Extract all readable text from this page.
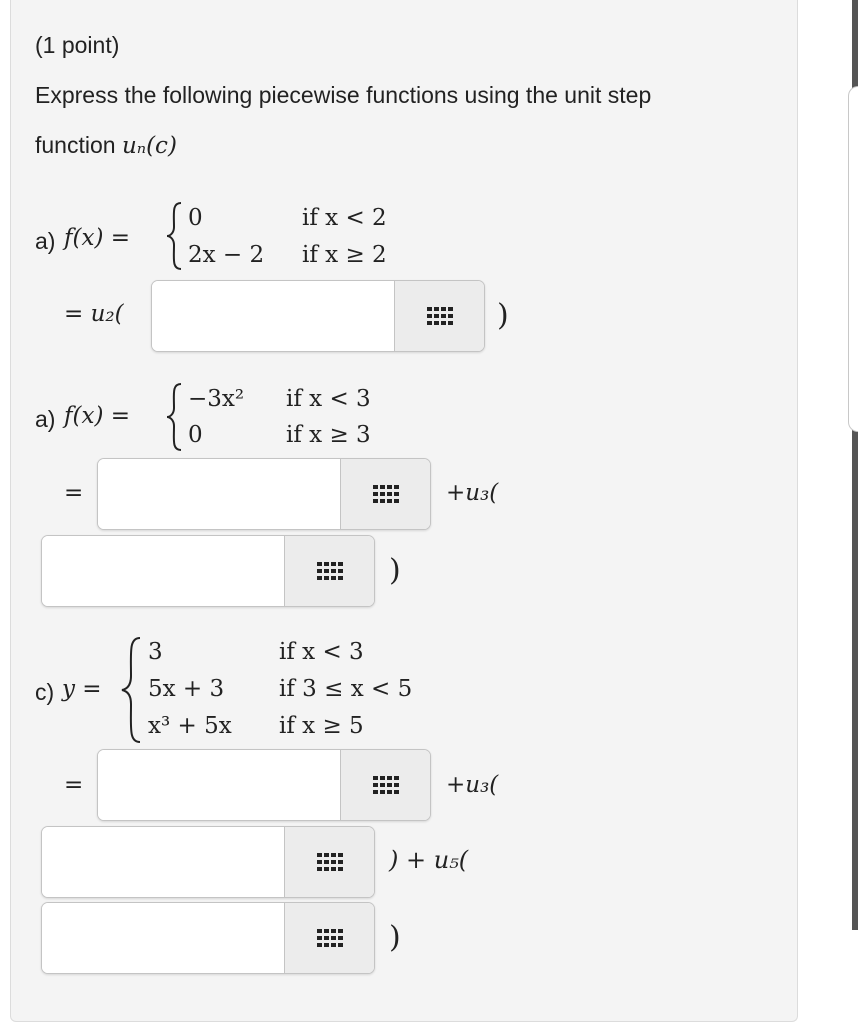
(1 point)
Express the following piecewise functions using the unit step
function uₙ(c)
a) f(x) =
0	if x < 2
2x − 2 if x ≥ 2
= u₂(	)
a) f(x) =
−3x² if x < 3
0	if x ≥ 3
=	+u₃(
)
c) y =
3	if x < 3
5x + 3 if 3 ≤ x < 5
x³ + 5x if x ≥ 5
=	+u₃(
) + u₅(
)
